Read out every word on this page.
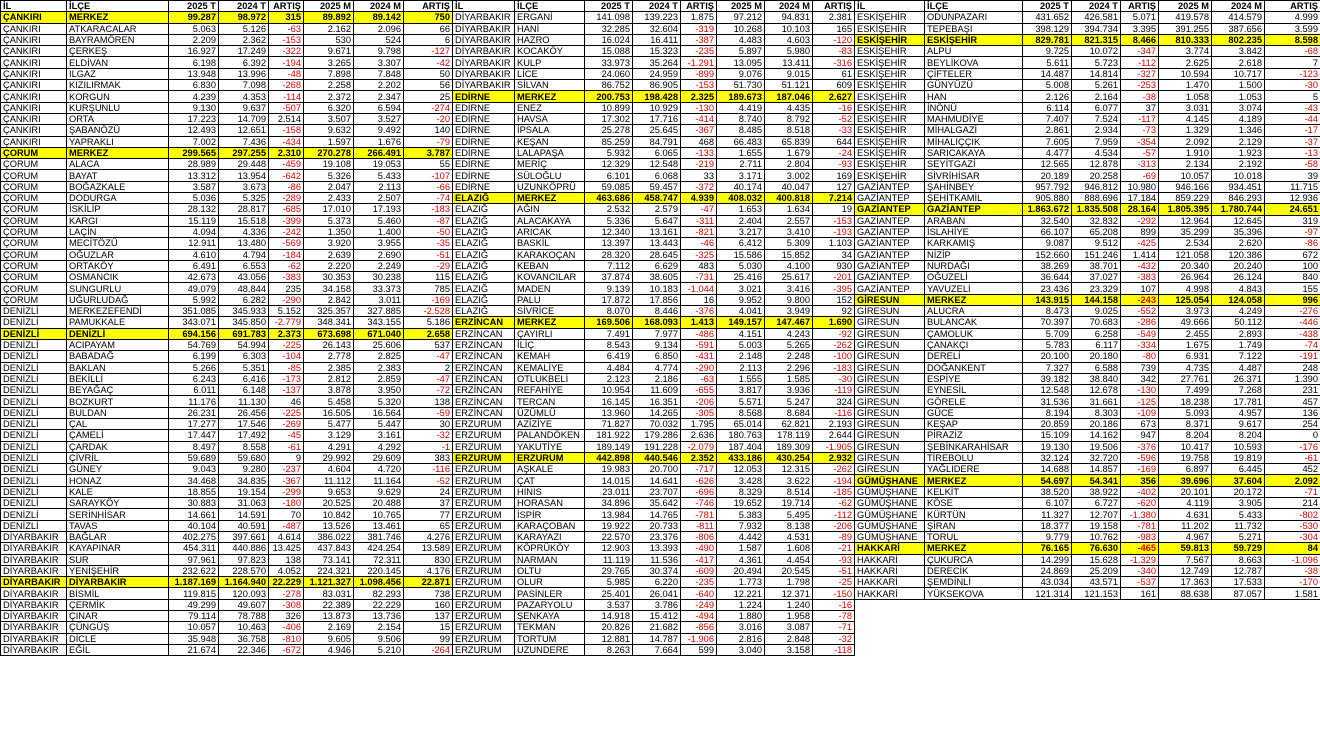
İL	İLÇE	2025 T	2024 T	ARTIŞ	2025 M	2024 M	ARTIŞ
ÇANKIRI	MERKEZ	99.287	98.972	315	89.892	89.142	750
ÇANKIRI	ATKARACALAR	5.063	5.126	-63	2.162	2.096	66
ÇANKIRI	BAYRAMÖREN	2.209	2.362	-153	530	524	6
ÇANKIRI	ÇERKEŞ	16.927	17.249	-322	9.671	9.798	-127
ÇANKIRI	ELDİVAN	6.198	6.392	-194	3.265	3.307	-42
ÇANKIRI	ILGAZ	13.948	13.996	-48	7.898	7.848	50
ÇANKIRI	KIZILIRMAK	6.830	7.098	-268	2.258	2.202	56
ÇANKIRI	KORGUN	4.239	4.353	-114	2.372	2.347	25
ÇANKIRI	KURŞUNLU	9.130	9.637	-507	6.320	6.594	-274
ÇANKIRI	ORTA	17.223	14.709	2.514	3.507	3.527	-20
ÇANKIRI	ŞABANÖZÜ	12.493	12.651	-158	9.632	9.492	140
ÇANKIRI	YAPRAKLI	7.002	7.436	-434	1.597	1.676	-79
ÇORUM	MERKEZ	299.565	297.255	2.310	270.278	266.491	3.787
ÇORUM	ALACA	28.989	29.448	-459	19.108	19.053	55
ÇORUM	BAYAT	13.312	13.954	-642	5.326	5.433	-107
ÇORUM	BOĞAZKALE	3.587	3.673	-86	2.047	2.113	-66
ÇORUM	DODURGA	5.036	5.325	-289	2.433	2.507	-74
ÇORUM	İSKİLİP	28.132	28.817	-685	17.010	17.193	-183
ÇORUM	KARGI	15.119	15.518	-399	5.373	5.460	-87
ÇORUM	LAÇİN	4.094	4.336	-242	1.350	1.400	-50
ÇORUM	MECİTÖZÜ	12.911	13.480	-569	3.920	3.955	-35
ÇORUM	OĞUZLAR	4.610	4.794	-184	2.639	2.690	-51
ÇORUM	ORTAKÖY	6.491	6.553	-62	2.220	2.249	-29
ÇORUM	OSMANCIK	42.673	43.056	-383	30.353	30.238	115
ÇORUM	SUNGURLU	49.079	48.844	235	34.158	33.373	785
ÇORUM	UĞURLUDAĞ	5.992	6.282	-290	2.842	3.011	-169
DENİZLİ	MERKEZEFENDİ	351.085	345.933	5.152	325.357	327.885	-2.528
DENİZLİ	PAMUKKALE	343.071	345.850	-2.779	348.341	343.155	5.186
DENİZLİ	DENİZLİ	694.156	691.783	2.373	673.698	671.040	2.658
DENİZLİ	ACIPAYAM	54.769	54.994	-225	26.143	25.606	537
DENİZLİ	BABADAĞ	6.199	6.303	-104	2.778	2.825	-47
DENİZLİ	BAKLAN	5.266	5.351	-85	2.385	2.383	2
DENİZLİ	BEKİLLİ	6.243	6.416	-173	2.812	2.859	-47
DENİZLİ	BEYAĞAÇ	6.011	6.148	-137	3.878	3.950	-72
DENİZLİ	BOZKURT	11.176	11.130	46	5.458	5.320	138
DENİZLİ	BULDAN	26.231	26.456	-225	16.505	16.564	-59
DENİZLİ	ÇAL	17.277	17.546	-269	5.477	5.447	30
DENİZLİ	ÇAMELİ	17.447	17.492	-45	3.129	3.161	-32
DENİZLİ	ÇARDAK	8.497	8.558	-61	4.291	4.292	-1
DENİZLİ	ÇİVRİL	59.689	59.680	9	29.992	29.609	383
DENİZLİ	GÜNEY	9.043	9.280	-237	4.604	4.720	-116
DENİZLİ	HONAZ	34.468	34.835	-367	11.112	11.164	-52
DENİZLİ	KALE	18.855	19.154	-299	9.653	9.629	24
DENİZLİ	SARAYKÖY	30.883	31.063	-180	20.525	20.488	37
DENİZLİ	SERİNHİSAR	14.661	14.591	70	10.842	10.765	77
DENİZLİ	TAVAS	40.104	40.591	-487	13.526	13.461	65
DİYARBAKIR	BAĞLAR	402.275	397.661	4.614	386.022	381.746	4.276
DİYARBAKIR	KAYAPINAR	454.311	440.886	13.425	437.843	424.254	13.589
DİYARBAKIR	SUR	97.961	97.823	138	73.141	72.311	830
DİYARBAKIR	YENİŞEHİR	232.622	228.570	4.052	224.321	220.145	4.176
DİYARBAKIR	DİYARBAKIR	1.187.169	1.164.940	22.229	1.121.327	1.098.456	22.871
DİYARBAKIR	BİSMİL	119.815	120.093	-278	83.031	82.293	738
DİYARBAKIR	ÇERMİK	49.299	49.607	-308	22.389	22.229	160
DİYARBAKIR	ÇINAR	79.114	78.788	326	13.873	13.736	137
DİYARBAKIR	ÇÜNGÜŞ	10.057	10.463	-406	2.169	2.154	15
DİYARBAKIR	DİCLE	35.948	36.758	-810	9.605	9.506	99
DİYARBAKIR	EĞİL	21.674	22.346	-672	4.946	5.210	-264
İL	İLÇE	2025 T	2024 T	ARTIŞ	2025 M	2024 M	ARTIŞ
DİYARBAKIR	ERGANİ	141.098	139.223	1.875	97.212	94.831	2.381
DİYARBAKIR	HANİ	32.285	32.604	-319	10.268	10.103	165
DİYARBAKIR	HAZRO	16.024	16.411	-387	4.483	4.603	-120
DİYARBAKIR	KOCAKÖY	15.088	15.323	-235	5.897	5.980	-83
DİYARBAKIR	KULP	33.973	35.264	-1.291	13.095	13.411	-316
DİYARBAKIR	LİCE	24.060	24.959	-899	9.076	9.015	61
DİYARBAKIR	SİLVAN	86.752	86.905	-153	51.730	51.121	609
EDİRNE	MERKEZ	200.753	198.428	2.325	189.673	187.046	2.627
EDİRNE	ENEZ	10.899	10.929	-130	4.419	4.435	-16
EDİRNE	HAVSA	17.302	17.716	-414	8.740	8.792	-52
EDİRNE	İPSALA	25.278	25.645	-367	8.485	8.518	-33
EDİRNE	KEŞAN	85.259	84.791	468	66.483	65.839	644
EDİRNE	LALAPAŞA	5.932	6.065	-133	1.655	1.679	-24
EDİRNE	MERİÇ	12.329	12.548	-219	2.711	2.804	-93
EDİRNE	SÜLOĞLU	6.101	6.068	33	3.171	3.002	169
EDİRNE	UZUNKÖPRÜ	59.085	59.457	-372	40.174	40.047	127
ELAZIĞ	MERKEZ	463.686	458.747	4.939	408.032	400.818	7.214
ELAZIĞ	AĞIN	2.532	2.579	-47	1.653	1.634	19
ELAZIĞ	ALACAKAYA	5.336	5.647	-311	2.404	2.557	-153
ELAZIĞ	ARICAK	12.340	13.161	-821	3.217	3.410	-193
ELAZIĞ	BASKİL	13.397	13.443	-46	6.412	5.309	1.103
ELAZIĞ	KARAKOÇAN	28.320	28.645	-325	15.586	15.852	34
ELAZIĞ	KEBAN	7.112	6.629	483	5.030	4.100	930
ELAZIĞ	KOVANCILAR	37.874	38.605	-731	25.416	25.617	-201
ELAZIĞ	MADEN	9.139	10.183	-1.044	3.021	3.416	-395
ELAZIĞ	PALU	17.872	17.856	16	9.952	9.800	152
ELAZIĞ	SİVRİCE	8.070	8.446	-376	4.041	3.949	92
ERZİNCAN	MERKEZ	169.506	168.093	1.413	149.157	147.467	1.690
ERZİNCAN	ÇAYIRLI	7.491	7.977	-486	4.151	4.243	-92
ERZİNCAN	İLİÇ	8.543	9.134	-591	5.003	5.265	-262
ERZİNCAN	KEMAH	6.419	6.850	-431	2.148	2.248	-100
ERZİNCAN	KEMALİYE	4.484	4.774	-290	2.113	2.296	-183
ERZİNCAN	OTLUKBELİ	2.123	2.186	-63	1.555	1.585	-30
ERZİNCAN	REFAHİYE	10.954	11.609	-655	3.817	3.936	-119
ERZİNCAN	TERCAN	16.145	16.351	-206	5.571	5.247	324
ERZİNCAN	ÜZÜMLÜ	13.960	14.265	-305	8.568	8.684	-116
ERZURUM	AZİZİYE	71.827	70.032	1.795	65.014	62.821	2.193
ERZURUM	PALANDÖKEN	181.922	179.286	2.636	180.763	178.119	2.644
ERZURUM	YAKUTİYE	189.149	191.228	-2.079	187.404	189.309	-1.905
ERZURUM	ERZURUM	442.898	440.546	2.352	433.186	430.254	2.932
ERZURUM	AŞKALE	19.983	20.700	-717	12.053	12.315	-262
ERZURUM	ÇAT	14.015	14.641	-626	3.428	3.622	-194
ERZURUM	HINIS	23.011	23.707	-696	8.329	8.514	-185
ERZURUM	HORASAN	34.896	35.642	-746	19.652	19.714	-62
ERZURUM	İSPİR	13.984	14.765	-781	5.383	5.495	-112
ERZURUM	KARAÇOBAN	19.922	20.733	-811	7.932	8.138	-206
ERZURUM	KARAYAZI	22.570	23.376	-806	4.442	4.531	-89
ERZURUM	KÖPRÜKÖY	12.903	13.393	-490	1.587	1.608	-21
ERZURUM	NARMAN	11.119	11.536	-417	4.361	4.454	-93
ERZURUM	OLTU	29.765	30.374	-609	20.494	20.545	-51
ERZURUM	OLUR	5.985	6.220	-235	1.773	1.798	-25
ERZURUM	PASİNLER	25.401	26.041	-640	12.221	12.371	-150
ERZURUM	PAZARYOLU	3.537	3.786	-249	1.224	1.240	-16
ERZURUM	ŞENKAYA	14.918	15.412	-494	1.880	1.958	-78
ERZURUM	TEKMAN	20.826	21.682	-856	3.016	3.087	-71
ERZURUM	TORTUM	12.881	14.787	-1.906	2.816	2.848	-32
ERZURUM	UZUNDERE	8.263	7.664	599	3.040	3.158	-118
İL	İLÇE	2025 T	2024 T	ARTIŞ	2025 M	2024 M	ARTIŞ
ESKİŞEHİR	ODUNPAZARI	431.652	426.581	5.071	419.578	414.579	4.999
ESKİŞEHİR	TEPEBAŞI	398.129	394.734	3.395	391.255	387.656	3.599
ESKİŞEHİR	ESKİŞEHİR	829.781	821.315	8.466	810.333	802.235	8.598
ESKİŞEHİR	ALPU	9.725	10.072	-347	3.774	3.842	-68
ESKİŞEHİR	BEYLİKOVA	5.611	5.723	-112	2.625	2.618	7
ESKİŞEHİR	ÇİFTELER	14.487	14.814	-327	10.594	10.717	-123
ESKİŞEHİR	GÜNYÜZÜ	5.008	5.261	-253	1.470	1.500	-30
ESKİŞEHİR	HAN	2.126	2.164	-38	1.058	1.053	5
ESKİŞEHİR	İNÖNÜ	6.114	6.077	37	3.031	3.074	-43
ESKİŞEHİR	MAHMUDİYE	7.407	7.524	-117	4.145	4.189	-44
ESKİŞEHİR	MİHALGAZİ	2.861	2.934	-73	1.329	1.346	-17
ESKİŞEHİR	MİHALIÇÇIK	7.605	7.959	-354	2.092	2.129	-37
ESKİŞEHİR	SARICAKAYA	4.477	4.534	-57	1.910	1.923	-13
ESKİŞEHİR	SEYİTGAZİ	12.565	12.878	-313	2.134	2.192	-58
ESKİŞEHİR	SİVRİHİSAR	20.189	20.258	-69	10.057	10.018	39
GAZİANTEP	ŞAHİNBEY	957.792	946.812	10.980	946.166	934.451	11.715
GAZİANTEP	ŞEHİTKAMİL	905.880	888.696	17.184	859.229	846.293	12.936
GAZİANTEP	GAZİANTEP	1.863.672	1.835.508	28.164	1.805.395	1.780.744	24.651
GAZİANTEP	ARABAN	32.540	32.832	-292	12.964	12.645	319
GAZİANTEP	İSLAHİYE	66.107	65.208	899	35.299	35.396	-97
GAZİANTEP	KARKAMIŞ	9.087	9.512	-425	2.534	2.620	-86
GAZİANTEP	NİZİP	152.660	151.246	1.414	121.058	120.386	672
GAZİANTEP	NURDAĞI	38.269	38.701	-432	20.340	20.240	100
GAZİANTEP	OĞUZELİ	36.644	37.027	-383	26.964	26.124	840
GAZİANTEP	YAVUZELİ	23.436	23.329	107	4.998	4.843	155
GİRESUN	MERKEZ	143.915	144.158	-243	125.054	124.058	996
GİRESUN	ALUCRA	8.473	9.025	-552	3.973	4.249	-276
GİRESUN	BULANCAK	70.397	70.683	-286	49.666	50.112	-446
GİRESUN	ÇAMOLUK	5.709	6.258	-549	2.455	2.893	-438
GİRESUN	ÇANAKÇI	5.783	6.117	-334	1.675	1.749	-74
GİRESUN	DERELİ	20.100	20.180	-80	6.931	7.122	-191
GİRESUN	DOĞANKENT	7.327	6.588	739	4.735	4.487	248
GİRESUN	ESPİYE	39.182	38.840	342	27.761	26.371	1.390
GİRESUN	EYNESİL	12.548	12.678	-130	7.499	7.268	231
GİRESUN	GÖRELE	31.536	31.661	-125	18.238	17.781	457
GİRESUN	GÜCE	8.194	8.303	-109	5.093	4.957	136
GİRESUN	KEŞAP	20.859	20.186	673	8.371	9.617	254
GİRESUN	PİRAZİZ	15.109	14.162	947	8.204	8.204	0
GİRESUN	ŞEBİNKARAHİSAR	19.130	19.506	-376	10.417	10.593	-176
GİRESUN	TİREBOLU	32.124	32.720	-596	19.758	19.819	-61
GİRESUN	YAĞLIDERE	14.688	14.857	-169	6.897	6.445	452
GÜMÜŞHANE	MERKEZ	54.697	54.341	356	39.696	37.604	2.092
GÜMÜŞHANE	KELKİT	38.520	38.922	-402	20.101	20.172	-71
GÜMÜŞHANE	KÖSE	6.107	6.727	-620	4.119	3.905	214
GÜMÜŞHANE	KÜRTÜN	11.327	12.707	-1.380	4.631	5.433	-802
GÜMÜŞHANE	ŞİRAN	18.377	19.158	-781	11.202	11.732	-530
GÜMÜŞHANE	TORUL	9.779	10.762	-983	4.967	5.271	-304
HAKKARİ	MERKEZ	76.165	76.630	-465	59.813	59.729	84
HAKKARİ	ÇUKURCA	14.299	15.628	-1.329	7.567	8.663	-1.096
HAKKARİ	DERECİK	24.869	25.209	-340	12.749	12.787	-38
HAKKARİ	ŞEMDİNLİ	43.034	43.571	-537	17.363	17.533	-170
HAKKARİ	YÜKSEKOVA	121.314	121.153	161	88.638	87.057	1.581
